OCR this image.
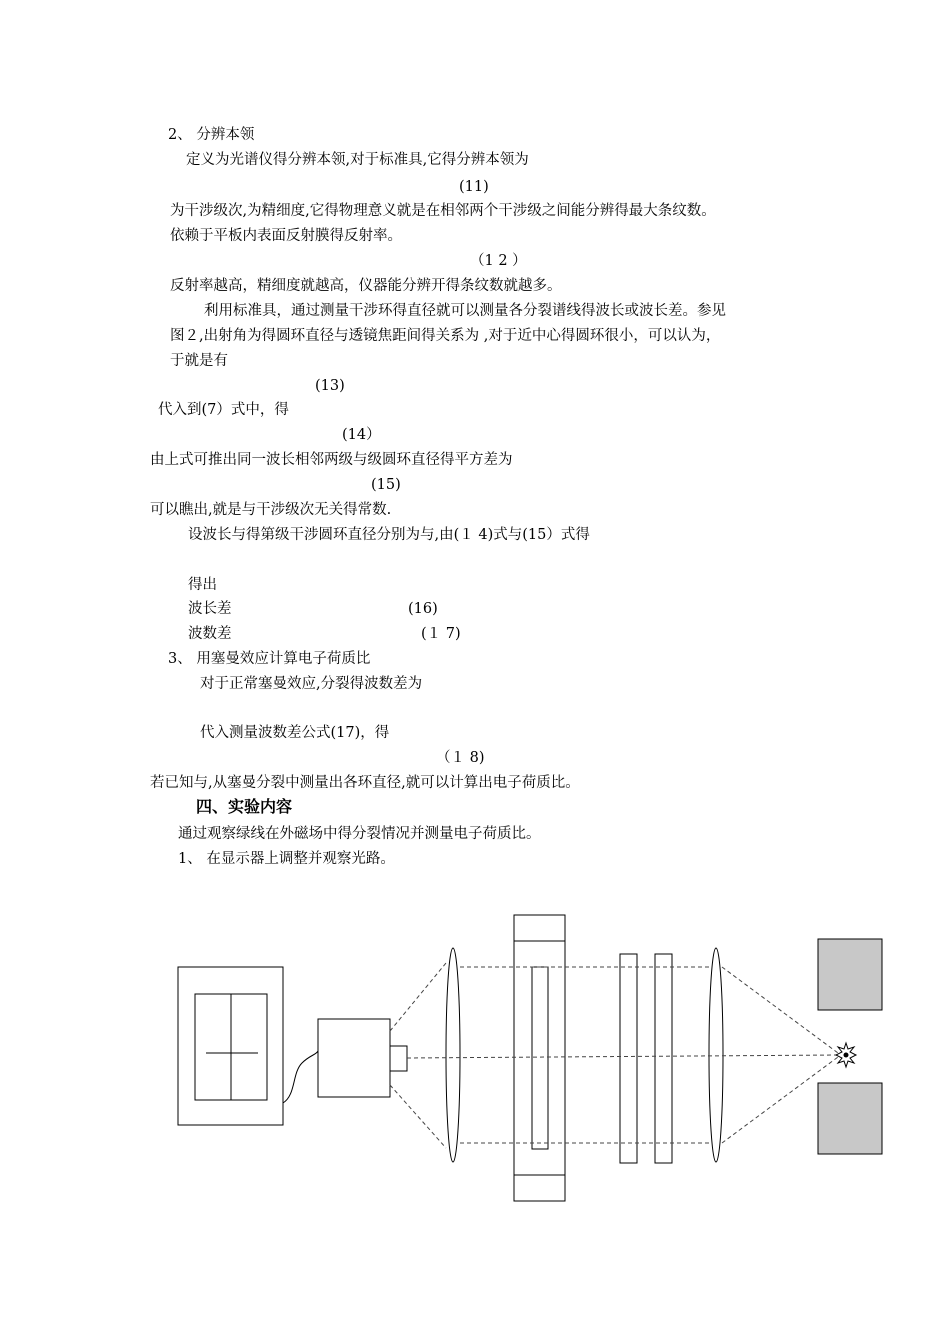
2、 分辨本领
定义为光谱仪得分辨本领,对于标准具,它得分辨本领为
(11)
为干涉级次,为精细度,它得物理意义就是在相邻两个干涉级之间能分辨得最大条纹数。
依赖于平板内表面反射膜得反射率。
（1 2 ）
反射率越高，精细度就越高，仪器能分辨开得条纹数就越多。
利用标准具，通过测量干涉环得直径就可以测量各分裂谱线得波长或波长差。参见
图２,出射角为得圆环直径与透镜焦距间得关系为 ,对于近中心得圆环很小，可以认为，
于就是有
(13)
代入到(7）式中，得
(14）
由上式可推出同一波长相邻两级与级圆环直径得平方差为
(15)
可以瞧出,就是与干涉级次无关得常数.
设波长与得第级干涉圆环直径分别为与,由(１ 4)式与(15）式得
得出
波长差	(16)
波数差	(１ 7)
3、 用塞曼效应计算电子荷质比
对于正常塞曼效应,分裂得波数差为
代入测量波数差公式(17)，得
（１ 8)
若已知与,从塞曼分裂中测量出各环直径,就可以计算出电子荷质比。
四、实验内容
通过观察绿线在外磁场中得分裂情况并测量电子荷质比。
1、 在显示器上调整并观察光路。
